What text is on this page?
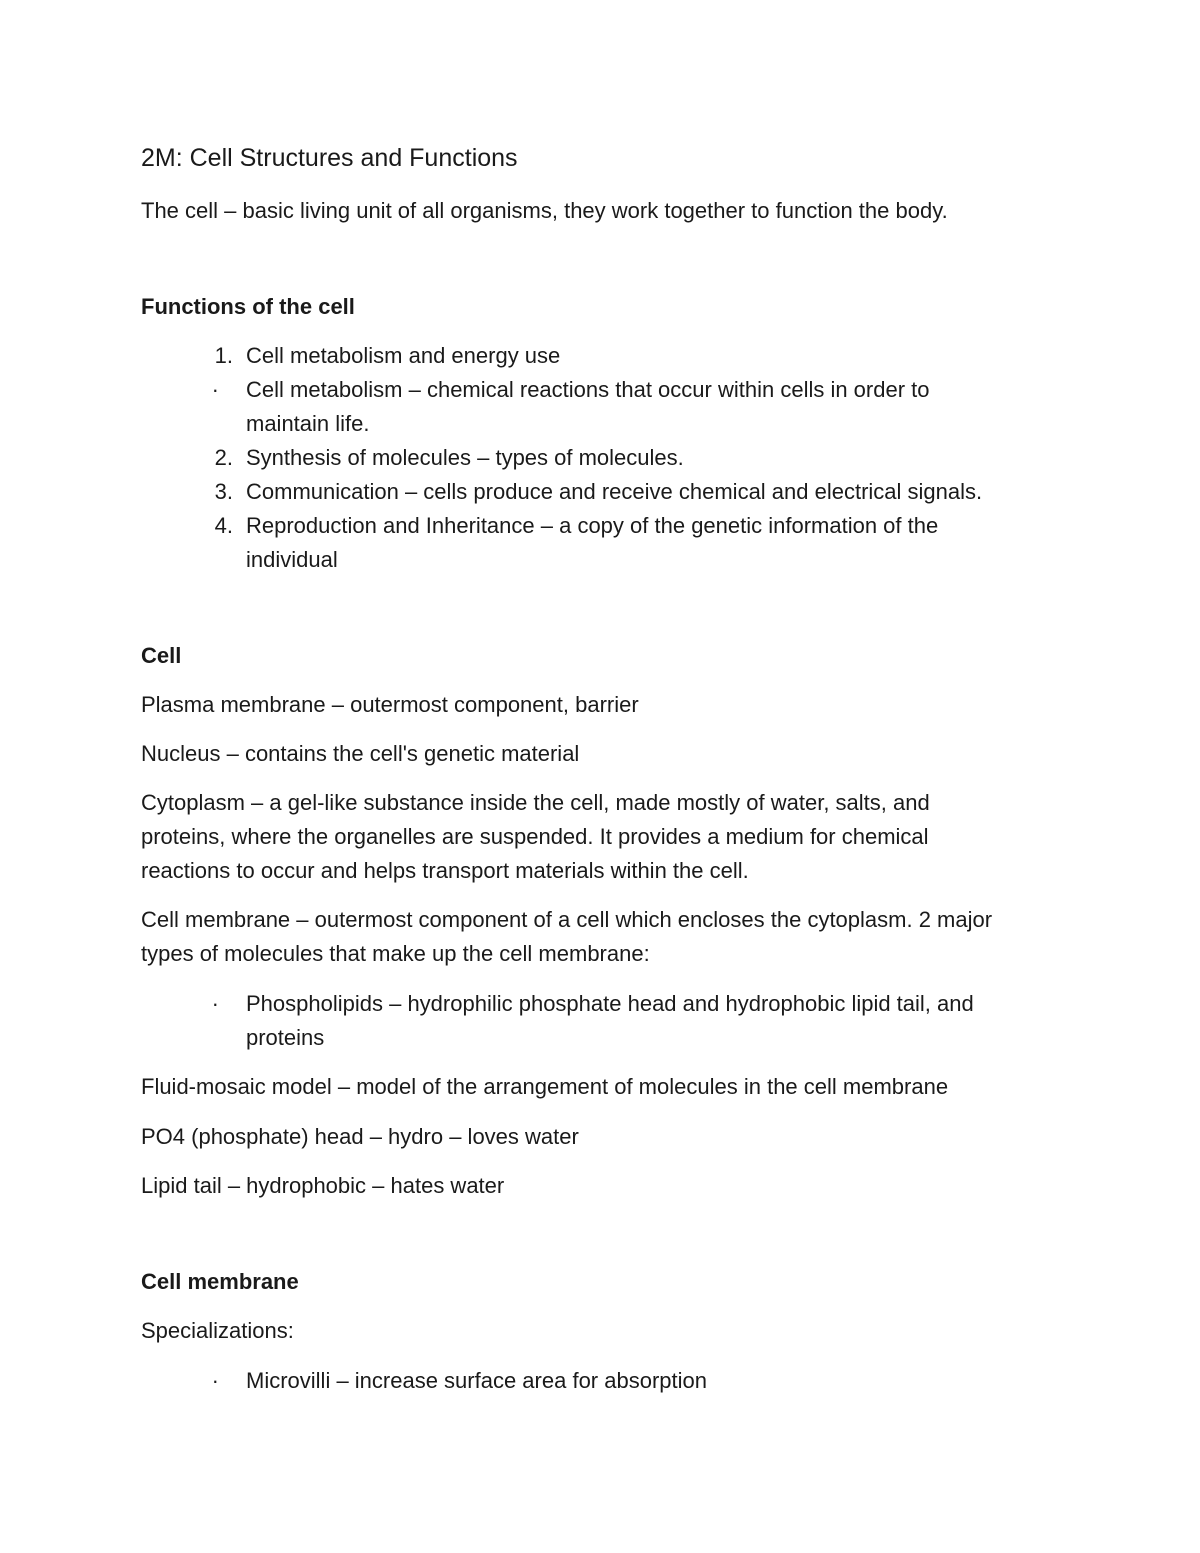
2M: Cell Structures and Functions
The cell – basic living unit of all organisms, they work together to function the body.
Functions of the cell
1. Cell metabolism and energy use
· Cell metabolism – chemical reactions that occur within cells in order to
maintain life.
2. Synthesis of molecules – types of molecules.
3. Communication – cells produce and receive chemical and electrical signals.
4. Reproduction and Inheritance – a copy of the genetic information of the
individual
Cell
Plasma membrane – outermost component, barrier
Nucleus – contains the cell's genetic material
Cytoplasm – a gel-like substance inside the cell, made mostly of water, salts, and
proteins, where the organelles are suspended. It provides a medium for chemical
reactions to occur and helps transport materials within the cell.
Cell membrane – outermost component of a cell which encloses the cytoplasm. 2 major
types of molecules that make up the cell membrane:
· Phospholipids – hydrophilic phosphate head and hydrophobic lipid tail, and
proteins
Fluid-mosaic model – model of the arrangement of molecules in the cell membrane
PO4 (phosphate) head – hydro – loves water
Lipid tail – hydrophobic – hates water
Cell membrane
Specializations:
· Microvilli – increase surface area for absorption
